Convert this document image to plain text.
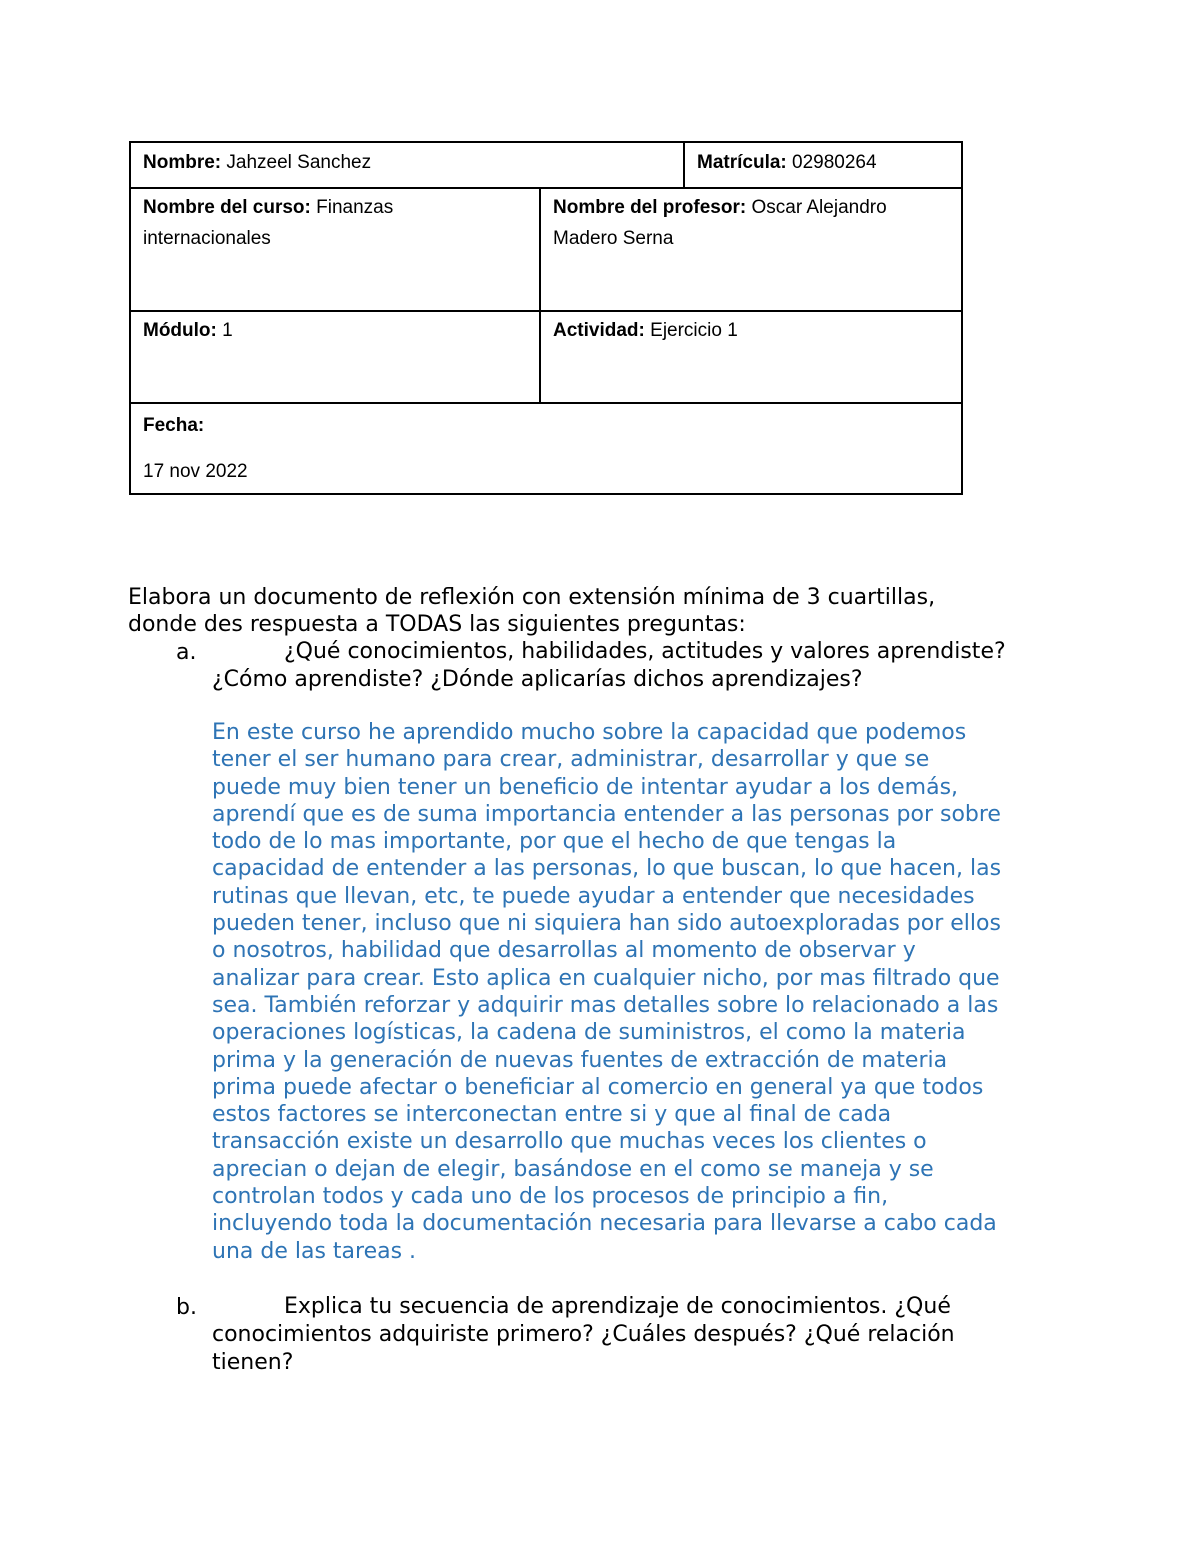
Nombre: Jahzeel Sanchez	Matrícula: 02980264
Nombre del curso: Finanzas
internacionales
Nombre del profesor: Oscar Alejandro
Madero Serna
Módulo: 1	Actividad: Ejercicio 1
Fecha:
17 nov 2022
Elabora un documento de reflexión con extensión mínima de 3 cuartillas,
donde des respuesta a TODAS las siguientes preguntas:
a.	¿Qué conocimientos, habilidades, actitudes y valores aprendiste?
¿Cómo aprendiste? ¿Dónde aplicarías dichos aprendizajes?
En este curso he aprendido mucho sobre la capacidad que podemos
tener el ser humano para crear, administrar, desarrollar y que se
puede muy bien tener un beneficio de intentar ayudar a los demás,
aprendí que es de suma importancia entender a las personas por sobre
todo de lo mas importante, por que el hecho de que tengas la
capacidad de entender a las personas, lo que buscan, lo que hacen, las
rutinas que llevan, etc, te puede ayudar a entender que necesidades
pueden tener, incluso que ni siquiera han sido autoexploradas por ellos
o nosotros, habilidad que desarrollas al momento de observar y
analizar para crear. Esto aplica en cualquier nicho, por mas filtrado que
sea. También reforzar y adquirir mas detalles sobre lo relacionado a las
operaciones logísticas, la cadena de suministros, el como la materia
prima y la generación de nuevas fuentes de extracción de materia
prima puede afectar o beneficiar al comercio en general ya que todos
estos factores se interconectan entre si y que al final de cada
transacción existe un desarrollo que muchas veces los clientes o
aprecian o dejan de elegir, basándose en el como se maneja y se
controlan todos y cada uno de los procesos de principio a fin,
incluyendo toda la documentación necesaria para llevarse a cabo cada
una de las tareas .
b.	Explica tu secuencia de aprendizaje de conocimientos. ¿Qué
conocimientos adquiriste primero? ¿Cuáles después? ¿Qué relación
tienen?
